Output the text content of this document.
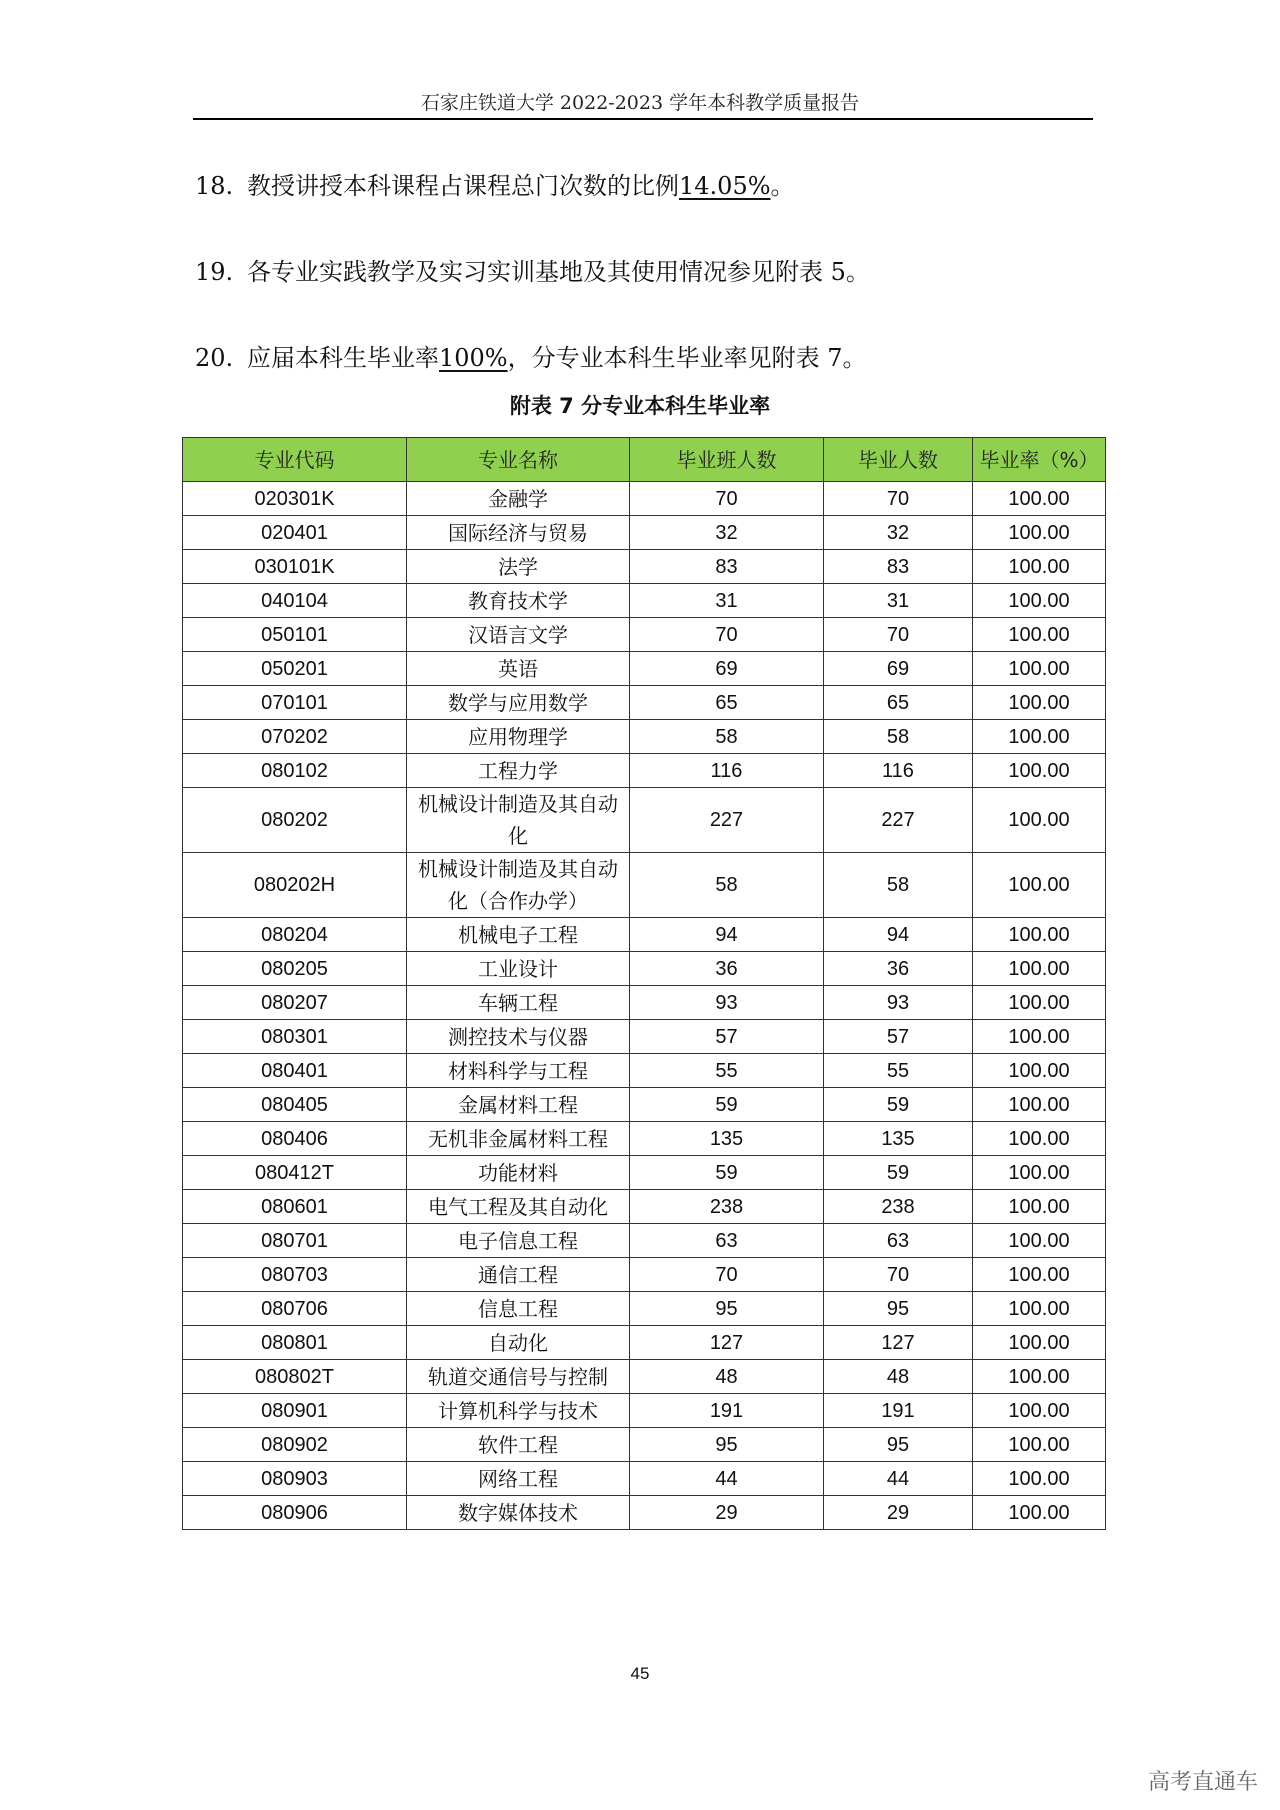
石家庄铁道大学 2022-2023 学年本科教学质量报告
18. 教授讲授本科课程占课程总门次数的比例14.05%。
19. 各专业实践教学及实习实训基地及其使用情况参见附表 5。
20. 应届本科生毕业率100%，分专业本科生毕业率见附表 7。
附表 7 分专业本科生毕业率
专业代码	专业名称	毕业班人数	毕业人数	毕业率（%）
020301K	金融学	70	70	100.00
020401	国际经济与贸易	32	32	100.00
030101K	法学	83	83	100.00
040104	教育技术学	31	31	100.00
050101	汉语言文学	70	70	100.00
050201	英语	69	69	100.00
070101	数学与应用数学	65	65	100.00
070202	应用物理学	58	58	100.00
080102	工程力学	116	116	100.00
080202	机械设计制造及其自动化	227	227	100.00
080202H	机械设计制造及其自动化（合作办学）	58	58	100.00
080204	机械电子工程	94	94	100.00
080205	工业设计	36	36	100.00
080207	车辆工程	93	93	100.00
080301	测控技术与仪器	57	57	100.00
080401	材料科学与工程	55	55	100.00
080405	金属材料工程	59	59	100.00
080406	无机非金属材料工程	135	135	100.00
080412T	功能材料	59	59	100.00
080601	电气工程及其自动化	238	238	100.00
080701	电子信息工程	63	63	100.00
080703	通信工程	70	70	100.00
080706	信息工程	95	95	100.00
080801	自动化	127	127	100.00
080802T	轨道交通信号与控制	48	48	100.00
080901	计算机科学与技术	191	191	100.00
080902	软件工程	95	95	100.00
080903	网络工程	44	44	100.00
080906	数字媒体技术	29	29	100.00
45
高考直通车
